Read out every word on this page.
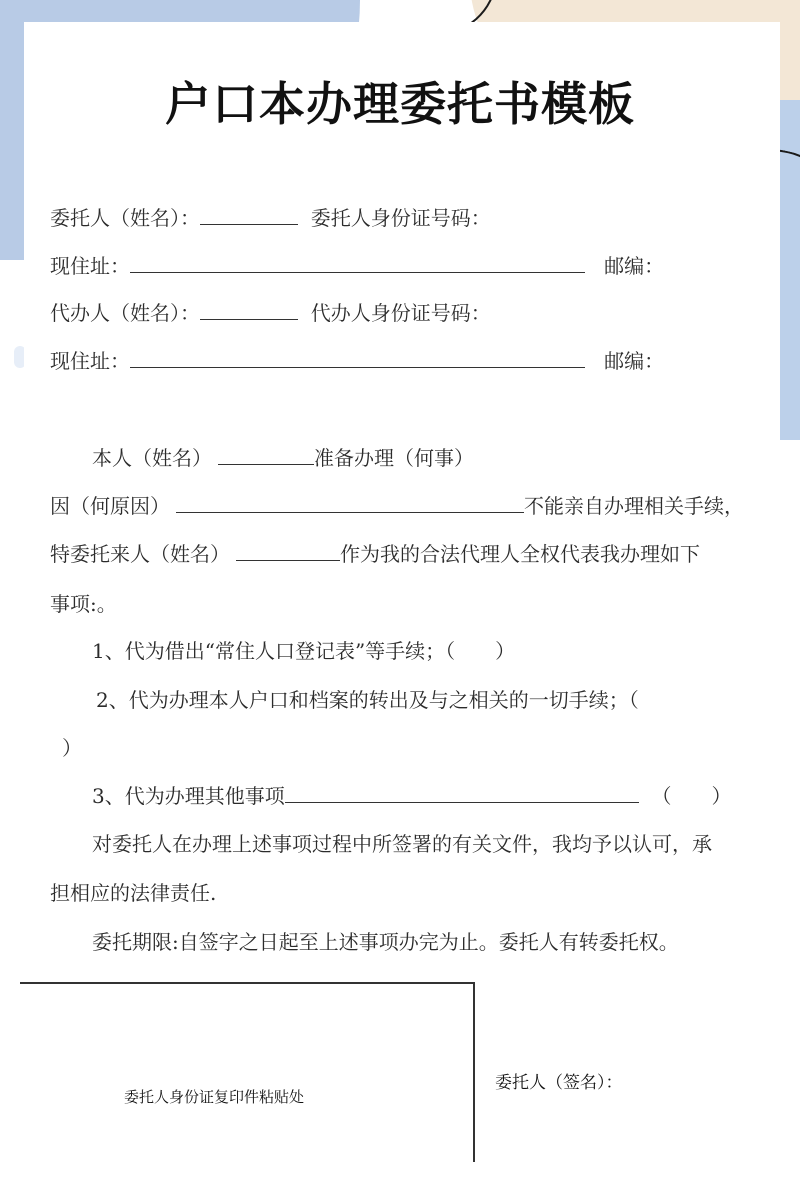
户口本办理委托书模板
委托人（姓名）：	委托人身份证号码：
现住址：	邮编：
代办人（姓名）：	代办人身份证号码：
现住址：	邮编：
本人（姓名）	准备办理（何事）
因（何原因）	不能亲自办理相关手续，
特委托来人（姓名）	作为我的合法代理人全权代表我办理如下
事项:。
1、代为借出“常住人口登记表”等手续；（　　）
2、代为办理本人户口和档案的转出及与之相关的一切手续；（
）
3、代为办理其他事项	（　　）
对委托人在办理上述事项过程中所签署的有关文件，我均予以认可，承
担相应的法律责任.
委托期限:自签字之日起至上述事项办完为止。委托人有转委托权。
委托人身份证复印件粘贴处
委托人（签名）：
